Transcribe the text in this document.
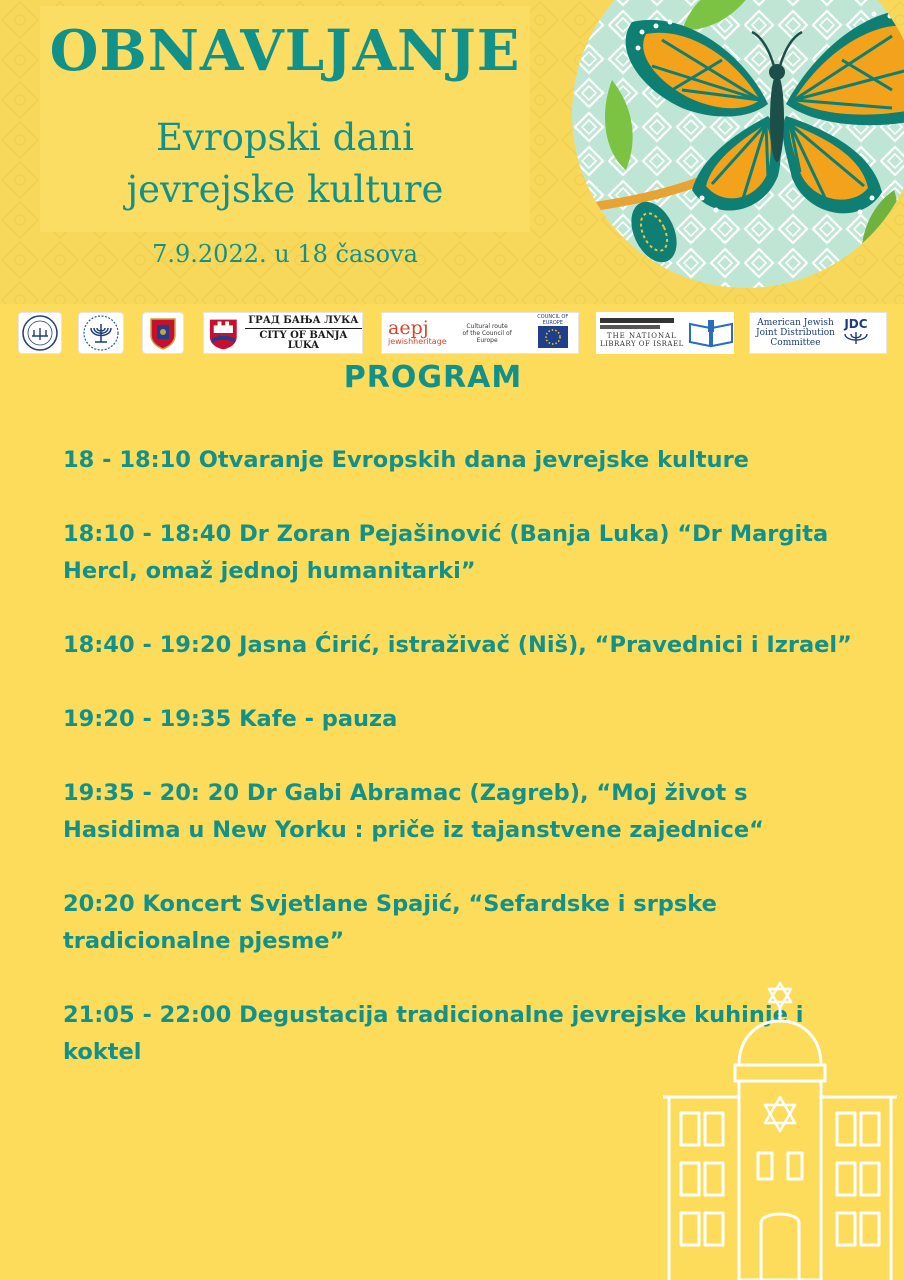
OBNAVLJANJE
Evropski dani
jevrejske kulture
7.9.2022. u 18 časova
ГРАД БАЊА ЛУКА
CITY OF BANJA LUKA
aepj
jewishheritage
Cultural route
of the Council of Europe
COUNCIL OF EUROPE
THE NATIONAL
LIBRARY OF ISRAEL
American Jewish
Joint Distribution
Committee
JDC
PROGRAM
18 - 18:10 Otvaranje Evropskih dana jevrejske kulture
18:10 - 18:40 Dr Zoran Pejašinović (Banja Luka) “Dr Margita Hercl, omaž jednoj humanitarki”
18:40 - 19:20 Jasna Ćirić, istraživač (Niš), “Pravednici i Izrael”
19:20 - 19:35 Kafe - pauza
19:35 - 20: 20 Dr Gabi Abramac (Zagreb), “Moj život s Hasidima u New Yorku : priče iz tajanstvene zajednice“
20:20 Koncert Svjetlane Spajić, “Sefardske i srpske tradicionalne pjesme”
21:05 - 22:00 Degustacija tradicionalne jevrejske kuhinje i koktel
